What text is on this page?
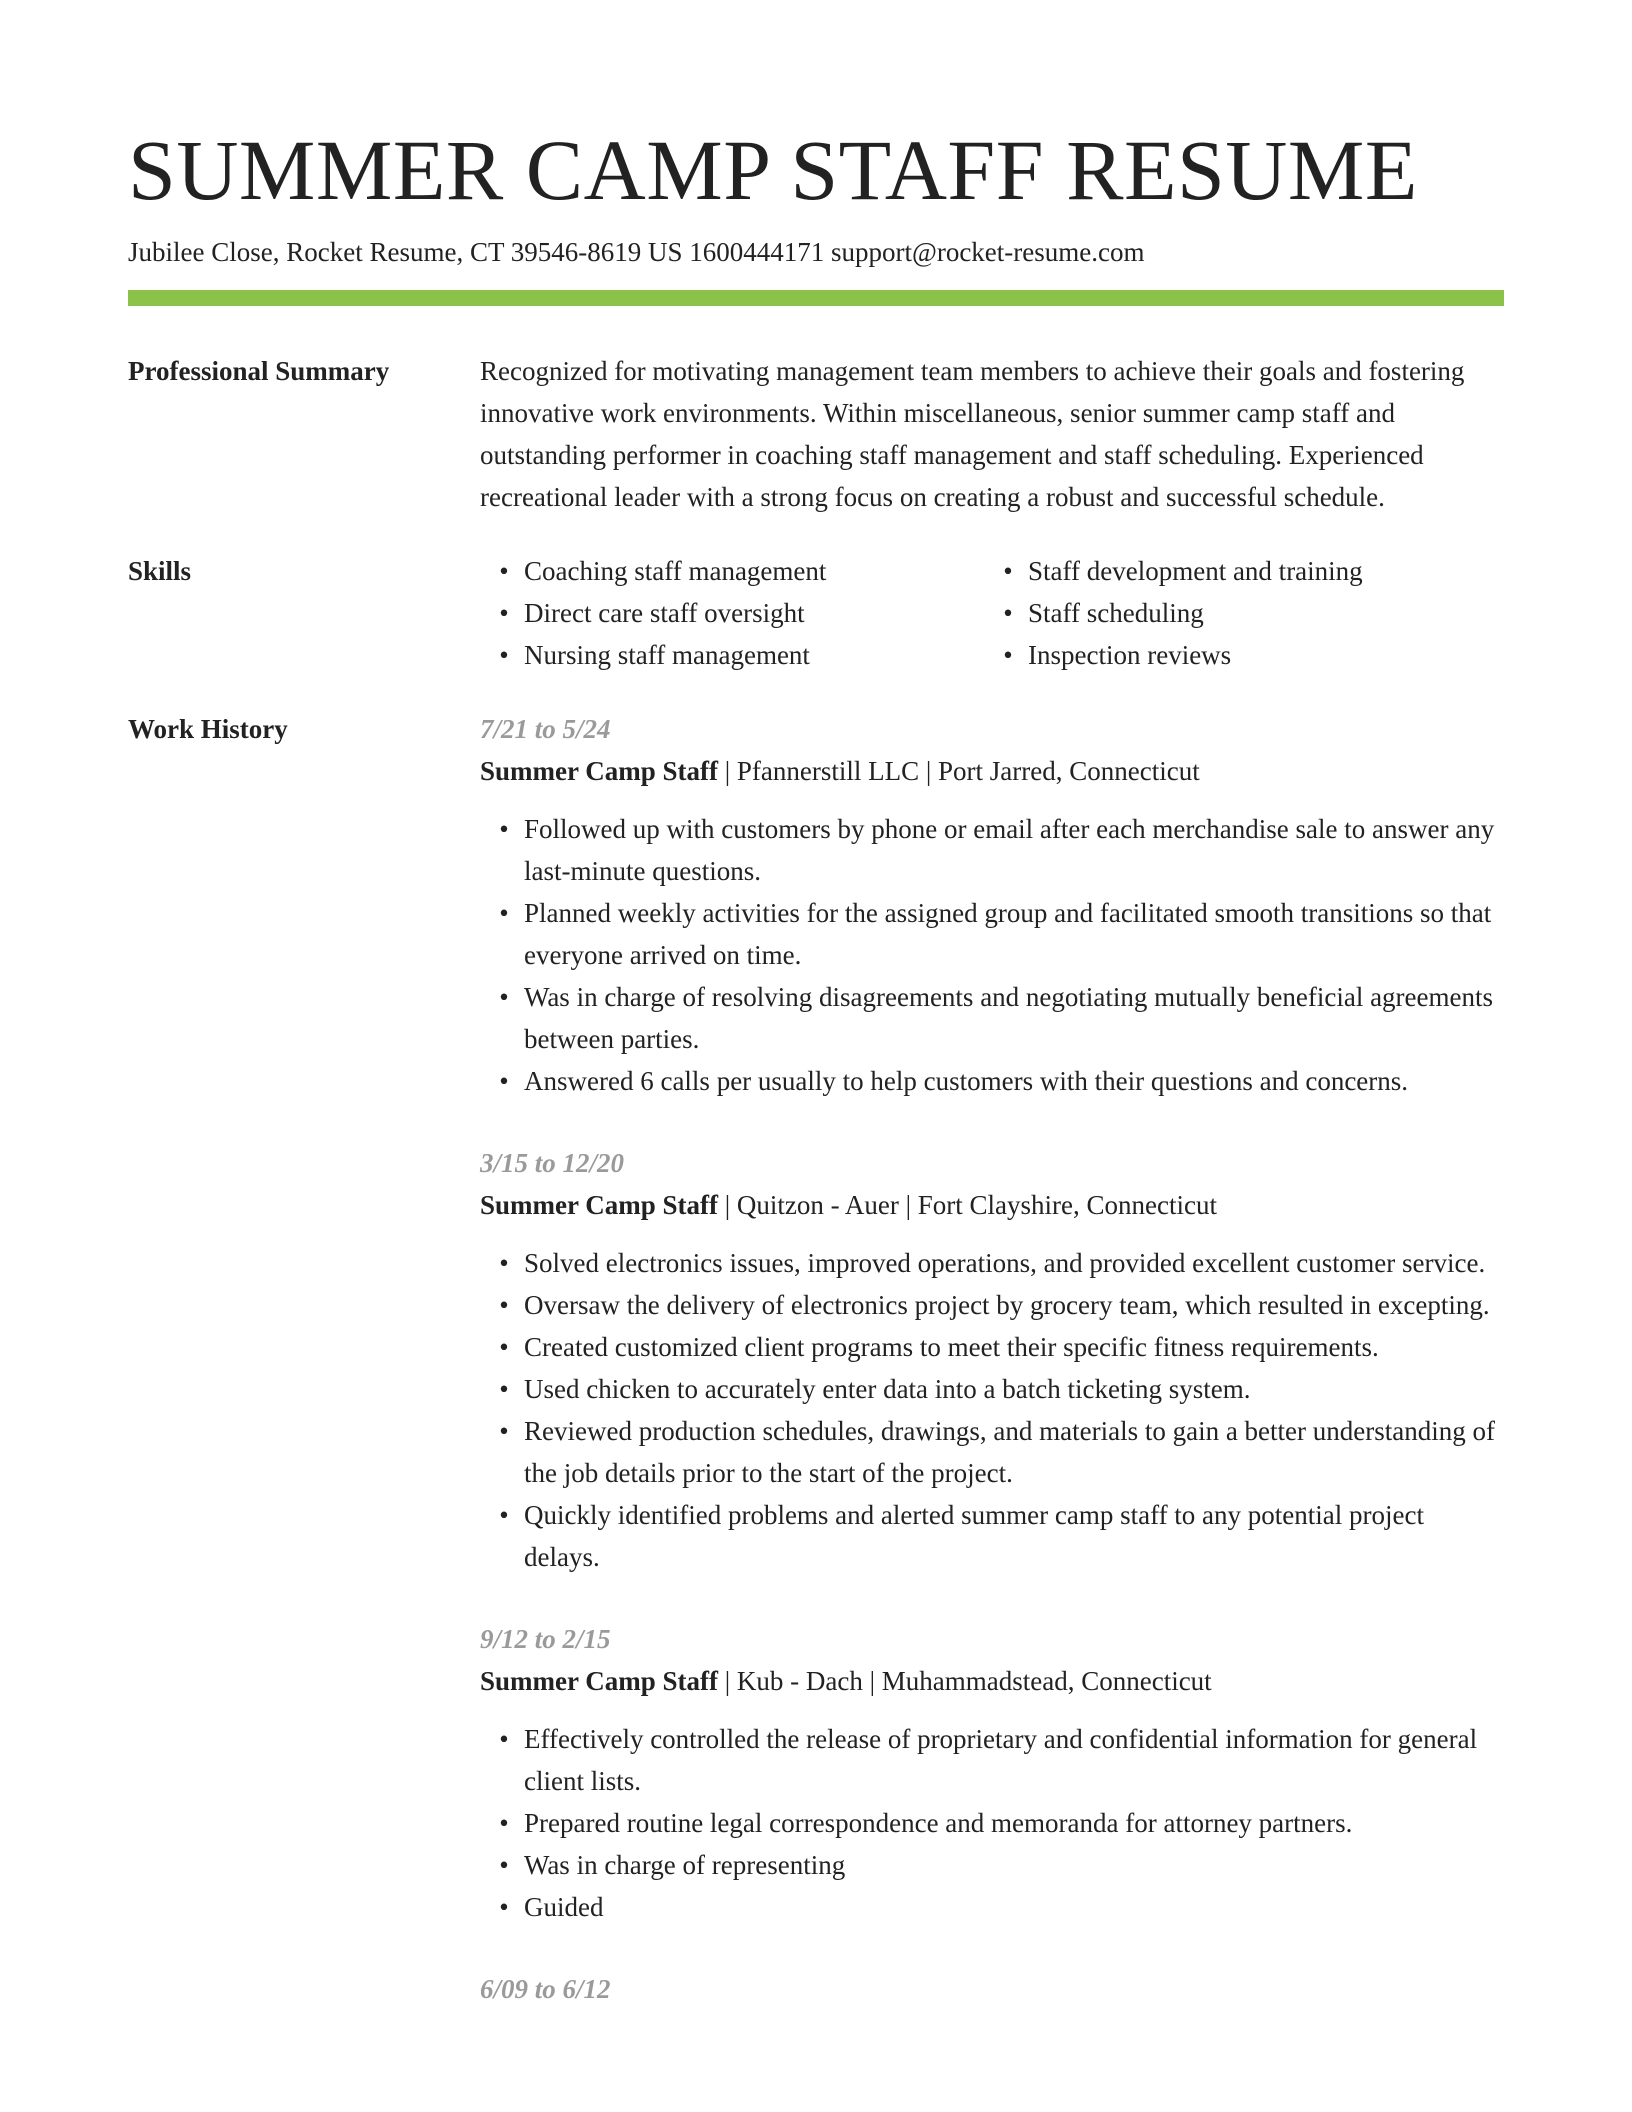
SUMMER CAMP STAFF RESUME
Jubilee Close, Rocket Resume, CT 39546-8619 US 1600444171 support@rocket-resume.com
Professional Summary	Recognized for motivating management team members to achieve their goals and fostering innovative work environments. Within miscellaneous, senior summer camp staff and outstanding performer in coaching staff management and staff scheduling. Experienced recreational leader with a strong focus on creating a robust and successful schedule.
Skills	• Coaching staff management
• Direct care staff oversight
• Nursing staff management
• Staff development and training
• Staff scheduling
• Inspection reviews
Work History	7/21 to 5/24
Summer Camp Staff | Pfannerstill LLC | Port Jarred, Connecticut
• Followed up with customers by phone or email after each merchandise sale to answer any last-minute questions.
• Planned weekly activities for the assigned group and facilitated smooth transitions so that everyone arrived on time.
• Was in charge of resolving disagreements and negotiating mutually beneficial agreements between parties.
• Answered 6 calls per usually to help customers with their questions and concerns.
3/15 to 12/20
Summer Camp Staff | Quitzon - Auer | Fort Clayshire, Connecticut
• Solved electronics issues, improved operations, and provided excellent customer service.
• Oversaw the delivery of electronics project by grocery team, which resulted in excepting.
• Created customized client programs to meet their specific fitness requirements.
• Used chicken to accurately enter data into a batch ticketing system.
• Reviewed production schedules, drawings, and materials to gain a better understanding of the job details prior to the start of the project.
• Quickly identified problems and alerted summer camp staff to any potential project delays.
9/12 to 2/15
Summer Camp Staff | Kub - Dach | Muhammadstead, Connecticut
• Effectively controlled the release of proprietary and confidential information for general client lists.
• Prepared routine legal correspondence and memoranda for attorney partners.
• Was in charge of representing
• Guided
6/09 to 6/12
